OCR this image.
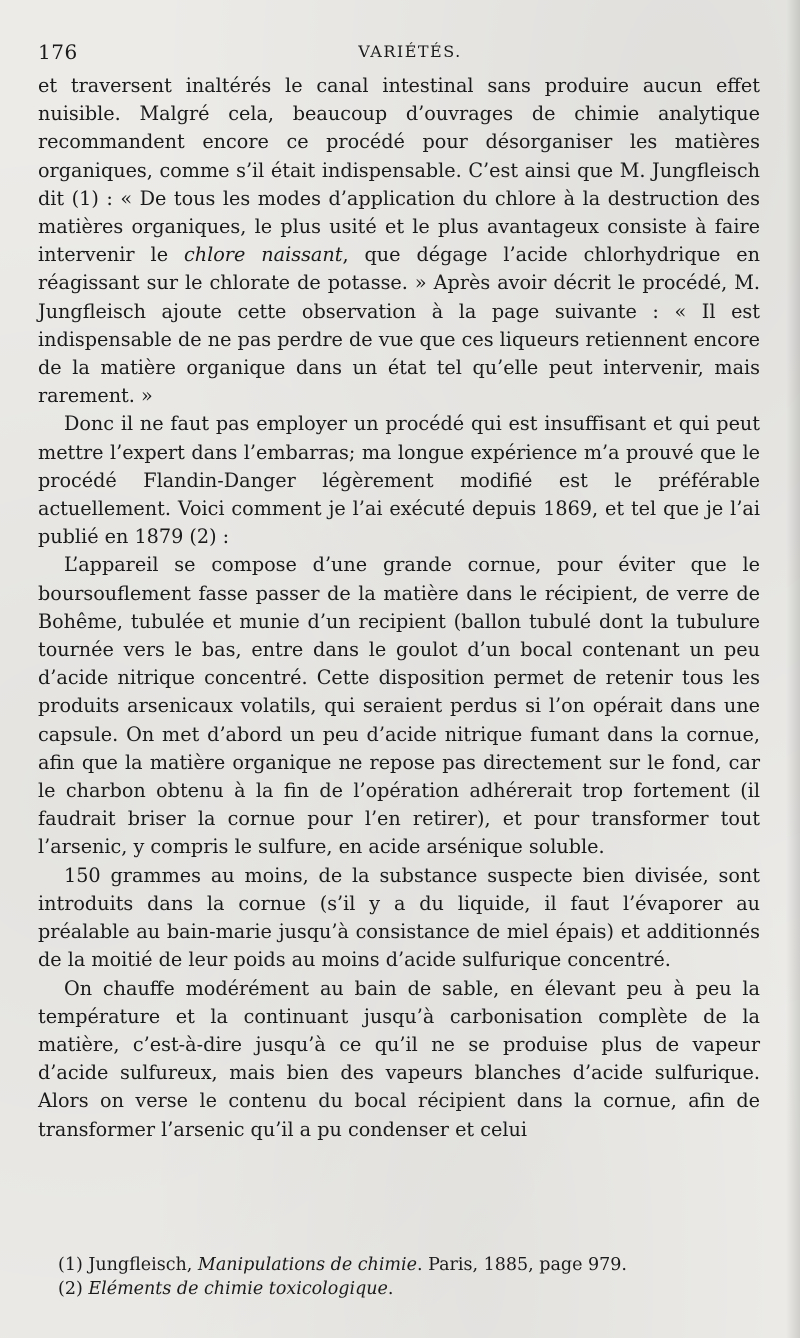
176	VARIÉTÉS.

et traversent inaltérés le canal intestinal sans produire aucun effet nuisible. Malgré cela, beaucoup d’ouvrages de chimie analytique recommandent encore ce procédé pour désorganiser les matières organiques, comme s’il était indispensable. C’est ainsi que M. Jungfleisch dit (1) : « De tous les modes d’application du chlore à la destruction des matières organiques, le plus usité et le plus avantageux consiste à faire intervenir le chlore naissant, que dégage l’acide chlorhydrique en réagissant sur le chlorate de potasse. » Après avoir décrit le procédé, M. Jungfleisch ajoute cette observation à la page suivante : « Il est indispensable de ne pas perdre de vue que ces liqueurs retiennent encore de la matière organique dans un état tel qu’elle peut intervenir, mais rarement. »

Donc il ne faut pas employer un procédé qui est insuffisant et qui peut mettre l’expert dans l’embarras; ma longue expérience m’a prouvé que le procédé Flandin-Danger légèrement modifié est le préférable actuellement. Voici comment je l’ai exécuté depuis 1869, et tel que je l’ai publié en 1879 (2) :

L’appareil se compose d’une grande cornue, pour éviter que le boursouflement fasse passer de la matière dans le récipient, de verre de Bohême, tubulée et munie d’un recipient (ballon tubulé dont la tubulure tournée vers le bas, entre dans le goulot d’un bocal contenant un peu d’acide nitrique concentré. Cette disposition permet de retenir tous les produits arsenicaux volatils, qui seraient perdus si l’on opérait dans une capsule. On met d’abord un peu d’acide nitrique fumant dans la cornue, afin que la matière organique ne repose pas directement sur le fond, car le charbon obtenu à la fin de l’opération adhérerait trop fortement (il faudrait briser la cornue pour l’en retirer), et pour transformer tout l’arsenic, y compris le sulfure, en acide arsénique soluble.

150 grammes au moins, de la substance suspecte bien divisée, sont introduits dans la cornue (s’il y a du liquide, il faut l’évaporer au préalable au bain-marie jusqu’à consistance de miel épais) et additionnés de la moitié de leur poids au moins d’acide sulfurique concentré.

On chauffe modérément au bain de sable, en élevant peu à peu la température et la continuant jusqu’à carbonisation complète de la matière, c’est-à-dire jusqu’à ce qu’il ne se produise plus de vapeur d’acide sulfureux, mais bien des vapeurs blanches d’acide sulfurique. Alors on verse le contenu du bocal récipient dans la cornue, afin de transformer l’arsenic qu’il a pu condenser et celui

(1) Jungfleisch, Manipulations de chimie. Paris, 1885, page 979.

(2) Eléments de chimie toxicologique.
